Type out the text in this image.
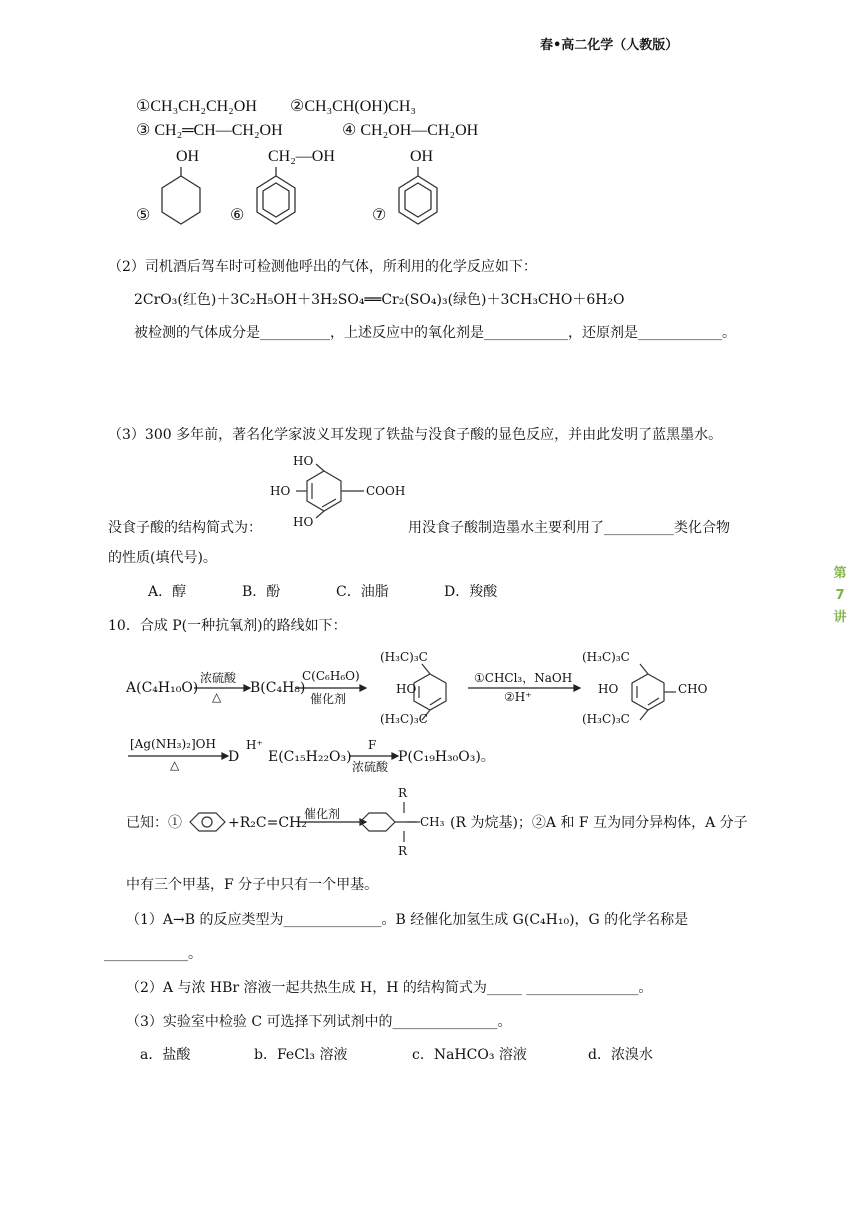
春•高二化学（人教版）
第
7
讲
①CH₃CH₂CH₂OH ②CH₃CH(OH)CH₃
③ CH₂═CH—CH₂OH	④ CH₂OH—CH₂OH
OH	CH₂—OH	OH
⑤	⑥	⑦
（2）司机酒后驾车时可检测他呼出的气体，所利用的化学反应如下：
2CrO₃(红色)＋3C₂H₅OH＋3H₂SO₄══Cr₂(SO₄)₃(绿色)＋3CH₃CHO＋6H₂O
被检测的气体成分是__________，上述反应中的氧化剂是____________，还原剂是____________。
（3）300 多年前，著名化学家波义耳发现了铁盐与没食子酸的显色反应，并由此发明了蓝黑墨水。
HO
HO
HO
COOH
没食子酸的结构简式为：	用没食子酸制造墨水主要利用了__________类化合物
的性质(填代号)。
A．醇	B．酚	C．油脂	D．羧酸
10．合成 P(一种抗氧剂)的路线如下：
A(C₄H₁₀O)
浓硫酸
△
B(C₄H₈)
C(C₆H₆O)
催化剂
(H₃C)₃C
HO
(H₃C)₃C
①CHCl₃，NaOH
②H⁺
(H₃C)₃C
HO	CHO
(H₃C)₃C
[Ag(NH₃)₂]OH
△	D
H⁺
E(C₁₅H₂₂O₃)
F
浓硫酸
P(C₁₉H₃₀O₃)。
已知：①	+R₂C=CH₂
催化剂
R
R
CH₃ (R 为烷基)；②A 和 F 互为同分异构体，A 分子
中有三个甲基，F 分子中只有一个甲基。
（1）A→B 的反应类型为______________。B 经催化加氢生成 G(C₄H₁₀)，G 的化学名称是
____________。
（2）A 与浓 HBr 溶液一起共热生成 H，H 的结构简式为_____ ________________。
（3）实验室中检验 C 可选择下列试剂中的_______________。
a．盐酸	b．FeCl₃ 溶液	c．NaHCO₃ 溶液	d．浓溴水
